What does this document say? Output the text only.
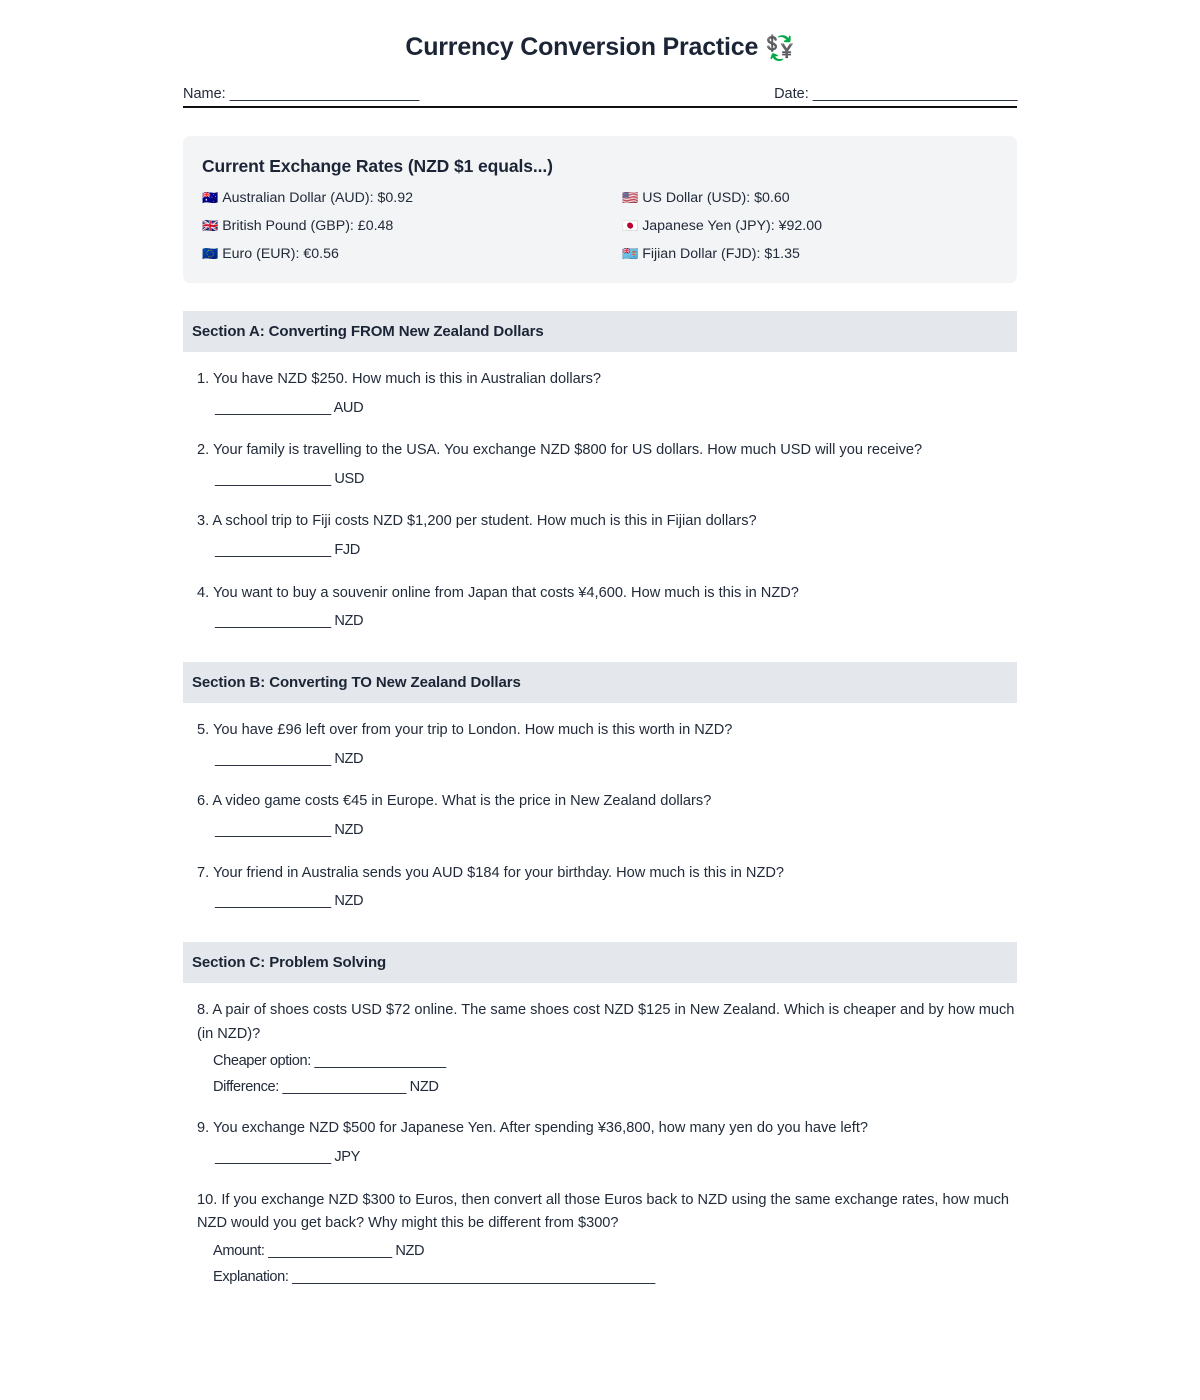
Currency Conversion Practice 💱
Name: _________________________	Date: ___________________________
Current Exchange Rates (NZD $1 equals...)
🇦🇺 Australian Dollar (AUD): $0.92	🇺🇸 US Dollar (USD): $0.60
🇬🇧 British Pound (GBP): £0.48	🇯🇵 Japanese Yen (JPY): ¥92.00
🇪🇺 Euro (EUR): €0.56	🇫🇯 Fijian Dollar (FJD): $1.35
Section A: Converting FROM New Zealand Dollars

1. You have NZD $250. How much is this in Australian dollars?

_______________ AUD

2. Your family is travelling to the USA. You exchange NZD $800 for US dollars. How much USD will you receive?

_______________ USD

3. A school trip to Fiji costs NZD $1,200 per student. How much is this in Fijian dollars?

_______________ FJD

4. You want to buy a souvenir online from Japan that costs ¥4,600. How much is this in NZD?

_______________ NZD

Section B: Converting TO New Zealand Dollars

5. You have £96 left over from your trip to London. How much is this worth in NZD?

_______________ NZD

6. A video game costs €45 in Europe. What is the price in New Zealand dollars?

_______________ NZD

7. Your friend in Australia sends you AUD $184 for your birthday. How much is this in NZD?

_______________ NZD

Section C: Problem Solving

8. A pair of shoes costs USD $72 online. The same shoes cost NZD $125 in New Zealand. Which is cheaper and by how much (in NZD)?

Cheaper option: _________________

Difference: ________________ NZD

9. You exchange NZD $500 for Japanese Yen. After spending ¥36,800, how many yen do you have left?

_______________ JPY

10. If you exchange NZD $300 to Euros, then convert all those Euros back to NZD using the same exchange rates, how much NZD would you get back? Why might this be different from $300?

Amount: ________________ NZD

Explanation: _______________________________________________
